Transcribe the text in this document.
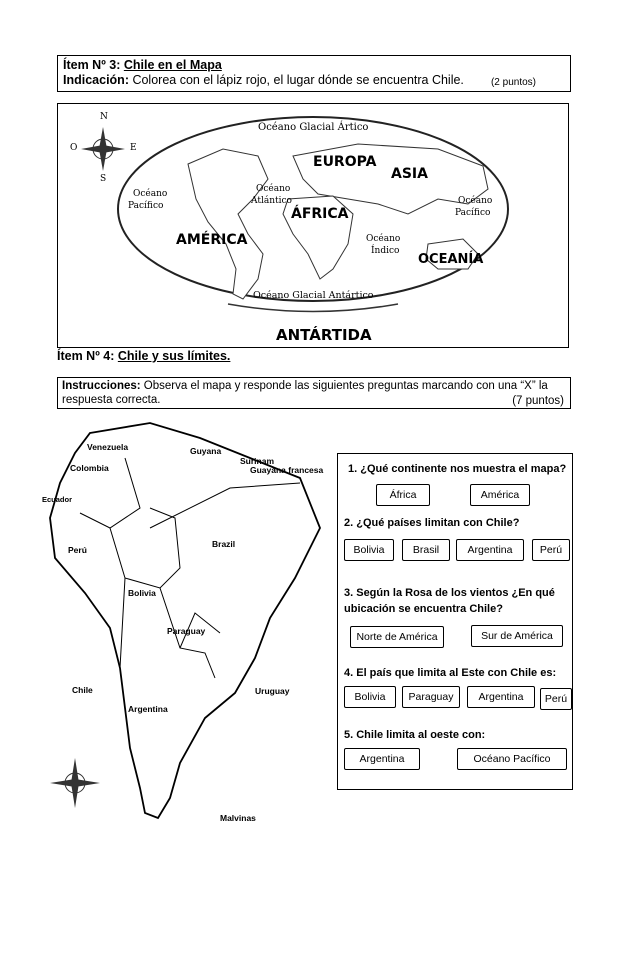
Ítem Nº 3: Chile en el Mapa
Indicación: Colorea con el lápiz rojo, el lugar dónde se encuentra Chile.	(2 puntos)
N
S
E
O
Océano Glacial Ártico
Océano
Pacífico
Océano
Atlántico
Océano
Índico
Océano
Pacífico
Océano Glacial Antártico
EUROPA
ASIA
ÁFRICA
AMÉRICA
OCEANÍA
ANTÁRTIDA
Ítem Nº 4: Chile y sus límites.
Instrucciones: Observa el mapa y responde las siguientes preguntas marcando con una “X” la respuesta correcta.	(7 puntos)
Venezuela	Guyana
Surinam
Guayana francesa
Colombia
Ecuador
Perú
Brazil
Bolivia
Paraguay
Chile	Uruguay
Argentina
Malvinas
1. ¿Qué continente nos muestra el mapa?
África	América
2. ¿Qué países limitan con Chile?
Bolivia	Brasil	Argentina	Perú
3. Según la Rosa de los vientos ¿En qué
ubicación se encuentra Chile?
Norte de América	Sur de América
4. El país que limita al Este con Chile es:
Bolivia	Paraguay	Argentina	Perú
5. Chile limita al oeste con:
Argentina	Océano Pacífico
